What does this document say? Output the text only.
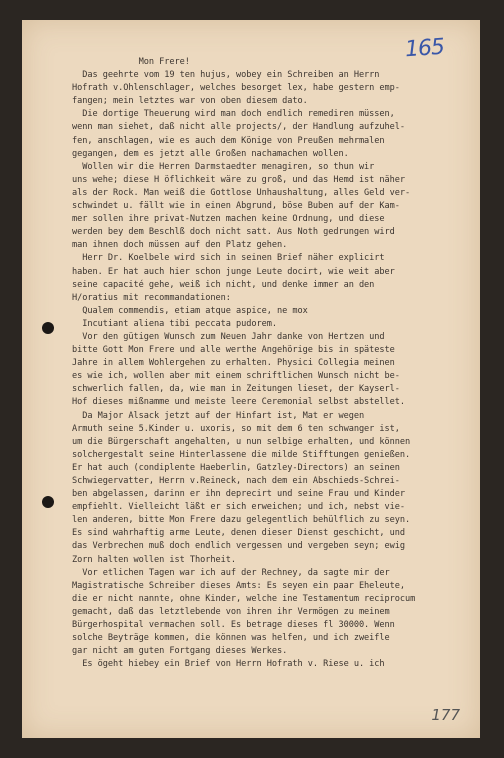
165
Mon Frere!
Das geehrte vom 19 ten hujus, wobey ein Schreiben an Herrn
Hofrath v.Ohlenschlager, welches besorget lex, habe gestern emp-
fangen; mein letztes war von oben diesem dato.
Die dortige Theuerung wird man doch endlich remediren müssen,
wenn man siehet, daß nicht alle projects/, der Handlung aufzuhel-
fen, anschlagen, wie es auch dem Könige von Preußen mehrmalen
gegangen, dem es jetzt alle Großen nachamachen wollen.
Wollen wir die Herren Darmstaedter menagiren, so thun wir
uns wehe; diese H öflichkeit wäre zu groß, und das Hemd ist näher
als der Rock. Man weiß die Gottlose Unhaushaltung, alles Geld ver-
schwindet u. fällt wie in einen Abgrund, böse Buben auf der Kam-
mer sollen ihre privat-Nutzen machen keine Ordnung, und diese
werden bey dem Beschlß doch nicht satt. Aus Noth gedrungen wird
man ihnen doch müssen auf den Platz gehen.
Herr Dr. Koelbele wird sich in seinen Brief näher explicirt
haben. Er hat auch hier schon junge Leute docirt, wie weit aber
seine capacité gehe, weiß ich nicht, und denke immer an den
H/oratius mit recommandationen:
Qualem commendis, etiam atque aspice, ne mox
Incutiant aliena tibi peccata pudorem.
Vor den gütigen Wunsch zum Neuen Jahr danke von Hertzen und
bitte Gott Mon Frere und alle werthe Angehörige bis in späteste
Jahre in allem Wohlergehen zu erhalten. Physici Collegia meinen
es wie ich, wollen aber mit einem schriftlichen Wunsch nicht be-
schwerlich fallen, da, wie man in Zeitungen lieset, der Kayserl-
Hof dieses mißnamme und meiste leere Ceremonial selbst abstellet.
Da Major Alsack jetzt auf der Hinfart ist, Mat er wegen
Armuth seine 5.Kinder u. uxoris, so mit dem 6 ten schwanger ist,
um die Bürgerschaft angehalten, u nun selbige erhalten, und können
solchergestalt seine Hinterlassene die milde Stifftungen genießen.
Er hat auch (condiplente Haeberlin, Gatzley-Directors) an seinen
Schwiegervatter, Herrn v.Reineck, nach dem ein Abschieds-Schrei-
ben abgelassen, darinn er ihn deprecirt und seine Frau und Kinder
empfiehlt. Vielleicht läßt er sich erweichen; und ich, nebst vie-
len anderen, bitte Mon Frere dazu gelegentlich behülflich zu seyn.
Es sind wahrhaftig arme Leute, denen dieser Dienst geschicht, und
das Verbrechen muß doch endlich vergessen und vergeben seyn; ewig
Zorn halten wollen ist Thorheit.
Vor etlichen Tagen war ich auf der Rechney, da sagte mir der
Magistratische Schreiber dieses Amts: Es seyen ein paar Eheleute,
die er nicht nannte, ohne Kinder, welche ine Testamentum reciprocum
gemacht, daß das letztlebende von ihren ihr Vermögen zu meinem
Bürgerhospital vermachen soll. Es betrage dieses fl 30000. Wenn
solche Beyträge kommen, die können was helfen, und ich zweifle
gar nicht am guten Fortgang dieses Werkes.
Es ögeht hiebey ein Brief von Herrn Hofrath v. Riese u. ich
177
